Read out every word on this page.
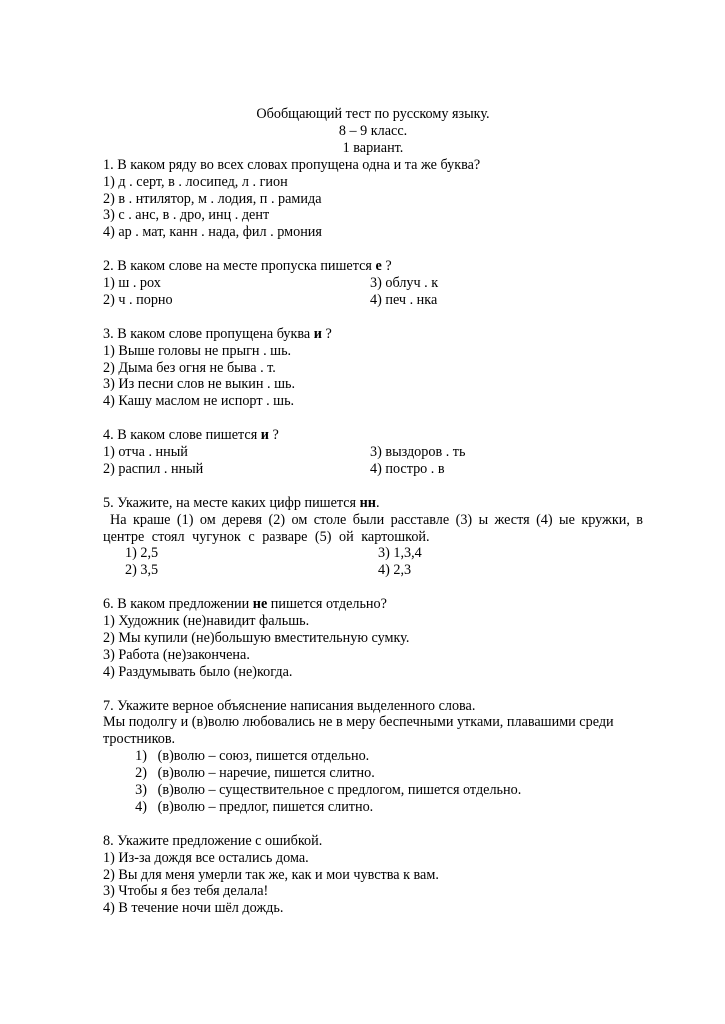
Обобщающий тест по русскому языку.
8 – 9 класс.
1 вариант.
1. В каком ряду во всех словах пропущена одна и та же буква?
1) д . серт, в . лосипед, л . гион
2) в . нтилятор, м . лодия, п . рамида
3) с . анс, в . дро, инц . дент
4) ар . мат, канн . нада, фил . рмония
2. В каком слове на месте пропуска пишется е ?
1) ш . рох	3) облуч . к
2) ч . порно	4) печ . нка
3. В каком слове пропущена буква и ?
1) Выше головы не прыгн . шь.
2) Дыма без огня не быва . т.
3) Из песни слов не выкин . шь.
4) Кашу маслом не испорт . шь.
4. В каком слове пишется и ?
1) отча . нный	3) выздоров . ть
2) распил . нный	4) постро . в
5. Укажите, на месте каких цифр пишется нн.
На краше (1) ом деревя (2) ом столе были расставле (3) ы жестя (4) ые кружки, в
центре стоял чугунок с разваре (5) ой картошкой.
1) 2,5	3) 1,3,4
2) 3,5	4) 2,3
6. В каком предложении не пишется отдельно?
1) Художник (не)навидит фальшь.
2) Мы купили (не)большую вместительную сумку.
3) Работа (не)закончена.
4) Раздумывать было (не)когда.
7. Укажите верное объяснение написания выделенного слова.
Мы подолгу и (в)волю любовались не в меру беспечными утками, плавашими среди
тростников.
1) (в)волю – союз, пишется отдельно.
2) (в)волю – наречие, пишется слитно.
3) (в)волю – существительное с предлогом, пишется отдельно.
4) (в)волю – предлог, пишется слитно.
8. Укажите предложение с ошибкой.
1) Из-за дождя все остались дома.
2) Вы для меня умерли так же, как и мои чувства к вам.
3) Чтобы я без тебя делала!
4) В течение ночи шёл дождь.
